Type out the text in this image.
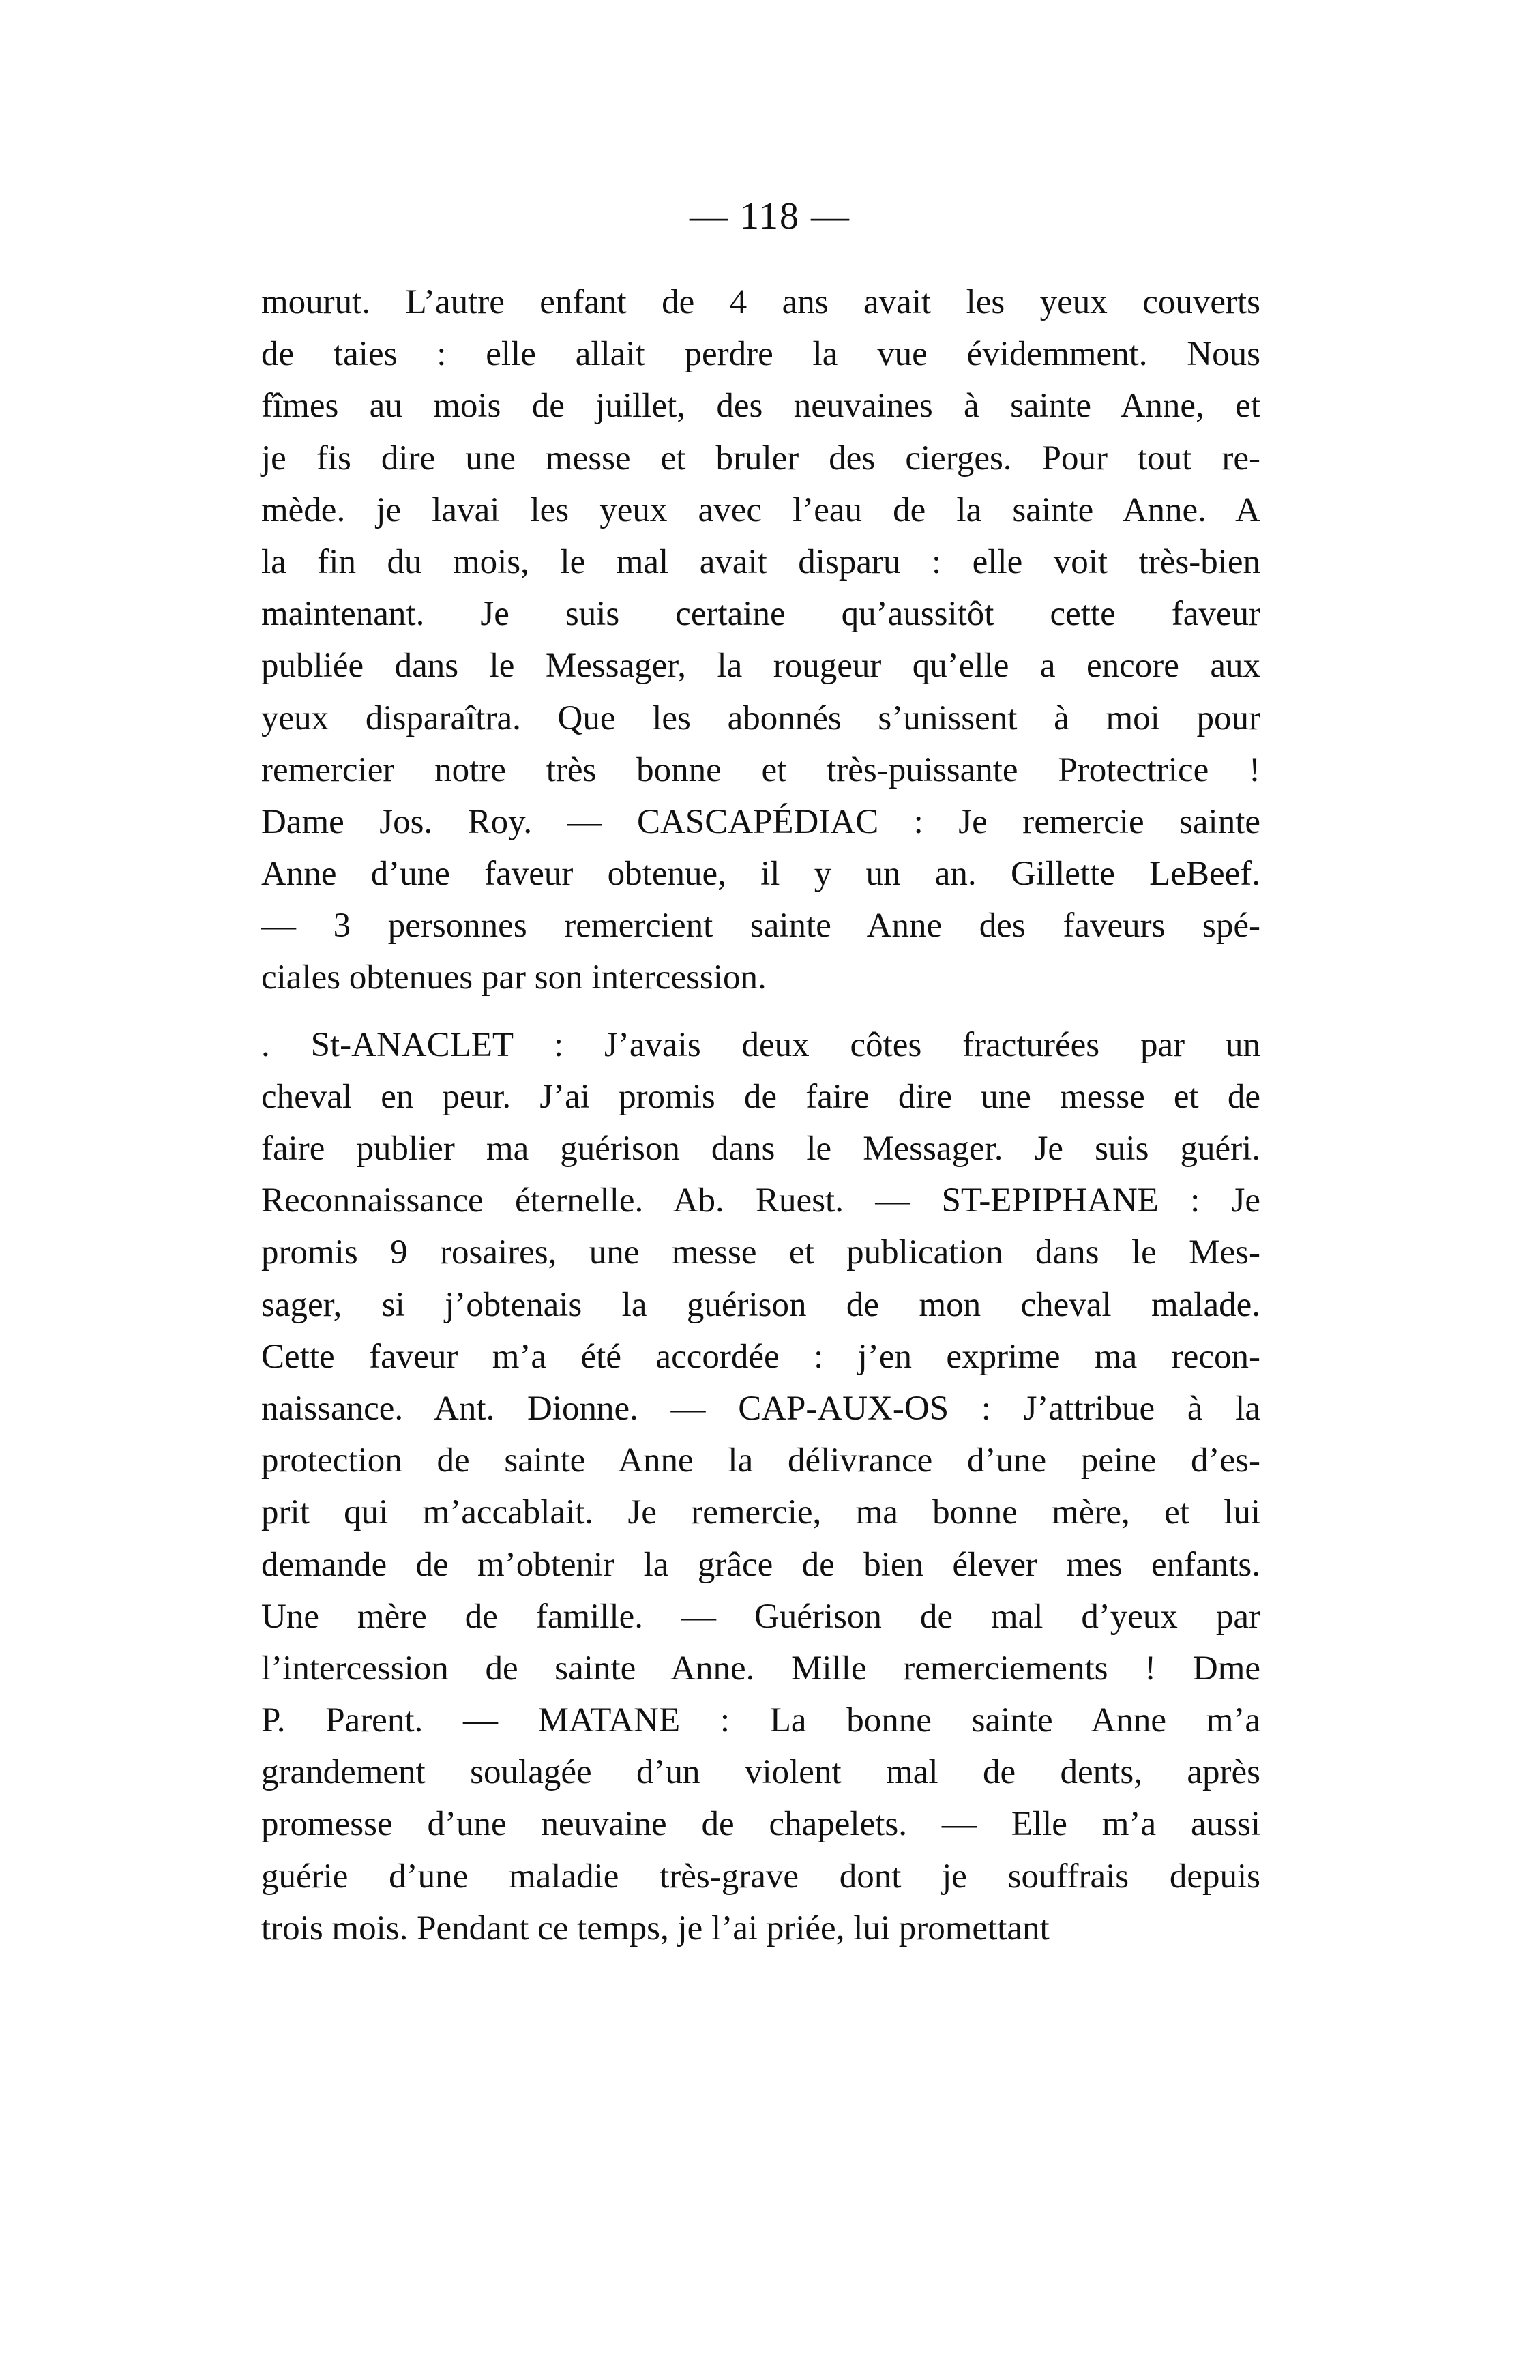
— 118 —
mourut. L’autre enfant de 4 ans avait les yeux couverts
de taies : elle allait perdre la vue évidemment. Nous
fîmes au mois de juillet, des neuvaines à sainte Anne, et
je fis dire une messe et bruler des cierges. Pour tout re-
mède. je lavai les yeux avec l’eau de la sainte Anne. A
la fin du mois, le mal avait disparu : elle voit très-bien
maintenant. Je suis certaine qu’aussitôt cette faveur
publiée dans le Messager, la rougeur qu’elle a encore aux
yeux disparaîtra. Que les abonnés s’unissent à moi pour
remercier notre très bonne et très-puissante Protectrice !
Dame Jos. Roy. — CASCAPÉDIAC : Je remercie sainte
Anne d’une faveur obtenue, il y un an. Gillette LeBeef.
— 3 personnes remercient sainte Anne des faveurs spé-
ciales obtenues par son intercession.
. St-ANACLET : J’avais deux côtes fracturées par un
cheval en peur. J’ai promis de faire dire une messe et de
faire publier ma guérison dans le Messager. Je suis guéri.
Reconnaissance éternelle. Ab. Ruest. — ST-EPIPHANE : Je
promis 9 rosaires, une messe et publication dans le Mes-
sager, si j’obtenais la guérison de mon cheval malade.
Cette faveur m’a été accordée : j’en exprime ma recon-
naissance. Ant. Dionne. — CAP-AUX-OS : J’attribue à la
protection de sainte Anne la délivrance d’une peine d’es-
prit qui m’accablait. Je remercie, ma bonne mère, et lui
demande de m’obtenir la grâce de bien élever mes enfants.
Une mère de famille. — Guérison de mal d’yeux par
l’intercession de sainte Anne. Mille remerciements ! Dme
P. Parent. — MATANE : La bonne sainte Anne m’a
grandement soulagée d’un violent mal de dents, après
promesse d’une neuvaine de chapelets. — Elle m’a aussi
guérie d’une maladie très-grave dont je souffrais depuis
trois mois. Pendant ce temps, je l’ai priée, lui promettant
